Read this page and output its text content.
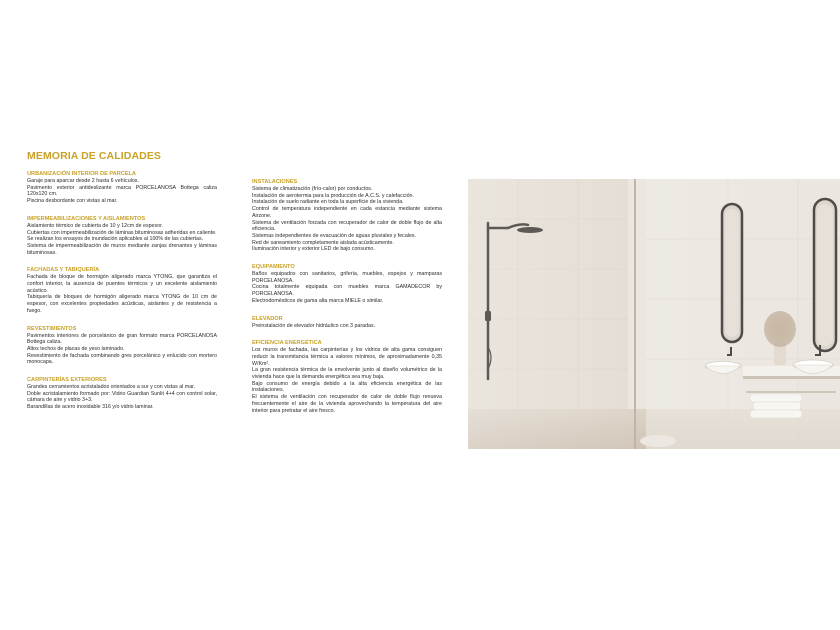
MEMORIA DE CALIDADES
URBANIZACIÓN INTERIOR DE PARCELA
Garaje para aparcar desde 2 hasta 6 vehículos.
Pavimento exterior antideslizante marca PORCELANOSA Bottega caliza 120x120 cm.
Piscina desbordante con vistas al mar.
IMPERMEABILIZACIONES Y AISLAMIENTOS
Aislamiento térmico de cubierta de 10 y 12cm de espesor.
Cubiertas con impermeabilización de láminas bituminosas adheridas en caliente.
Se realizan los ensayos de inundación aplicables al 100% de las cubiertas.
Sistema de impermeabilización de muros mediante zanjas drenantes y láminas bituminosas.
FACHADAS Y TABIQUERÍA
Fachada de bloque de hormigón aligerado marca YTONG, que garantiza el confort interior, la ausencia de puentes térmicos y un excelente aislamiento acústico.
Tabiquería de bloques de hormigón aligerado marca YTONG de 10 cm de espesor, con excelentes propiedades acústicas, aislantes y de resistencia a fuego.
REVESTIMIENTOS
Pavimentos interiores de porcelánico de gran formato marca PORCELANOSA Bottega caliza.
Altos techos de placas de yeso laminado.
Revestimiento de fachada combinando gres porcelánico y enlucido con mortero monocapa.
CARPINTERÍAS EXTERIORES
Grandes cerramientos acristalados orientados a sur y con vistas al mar.
Doble acristalamiento formado por: Vidrio Guardian Sunlit 4+4 con control solar, cámara de aire y vidrio 3+3.
Barandillas de acero inoxidable 316 y/o vidrio laminar.
INSTALACIONES
Sistema de climatización (frío-calor) por conductos.
Instalación de aerotermia para la producción de A.C.S. y calefacción.
Instalación de suelo radiante en toda la superficie de la vivienda.
Control de temperatura independiente en cada estancia mediante sistema Airzone.
Sistema de ventilación forzada con recuperador de calor de doble flujo de alta eficiencia.
Sistemas independientes de evacuación de aguas pluviales y fecales.
Red de saneamiento completamente aislada acústicamente.
Iluminación interior y exterior LED de bajo consumo.
EQUIPAMIENTO
Baños equipados con sanitarios, grifería, muebles, espejos y mamparas PORCELANOSA.
Cocina totalmente equipada con muebles marca GAMADECOR by PORCELANOSA.
Electrodomésticos de gama alta marca MIELE o similar.
ELEVADOR
Preinstalación de elevador hidráulico con 3 paradas.
EFICIENCIA ENERGÉTICA
Los muros de fachada, las carpinterías y los vidrios de alta gama consiguen reducir la transmitancia térmica a valores mínimos, de aproximadamente 0,35 W/Km².
La gran resistencia térmica de la envolvente junto al diseño volumétrico de la vivienda hace que la demanda energética sea muy baja.
Bajo consumo de energía debido a la alta eficiencia energética de las instalaciones.
El sistema de ventilación con recuperador de calor de doble flujo renueva frecuentemente el aire de la vivienda aprovechando la temperatura del aire interior para pretratar el aire fresco.
